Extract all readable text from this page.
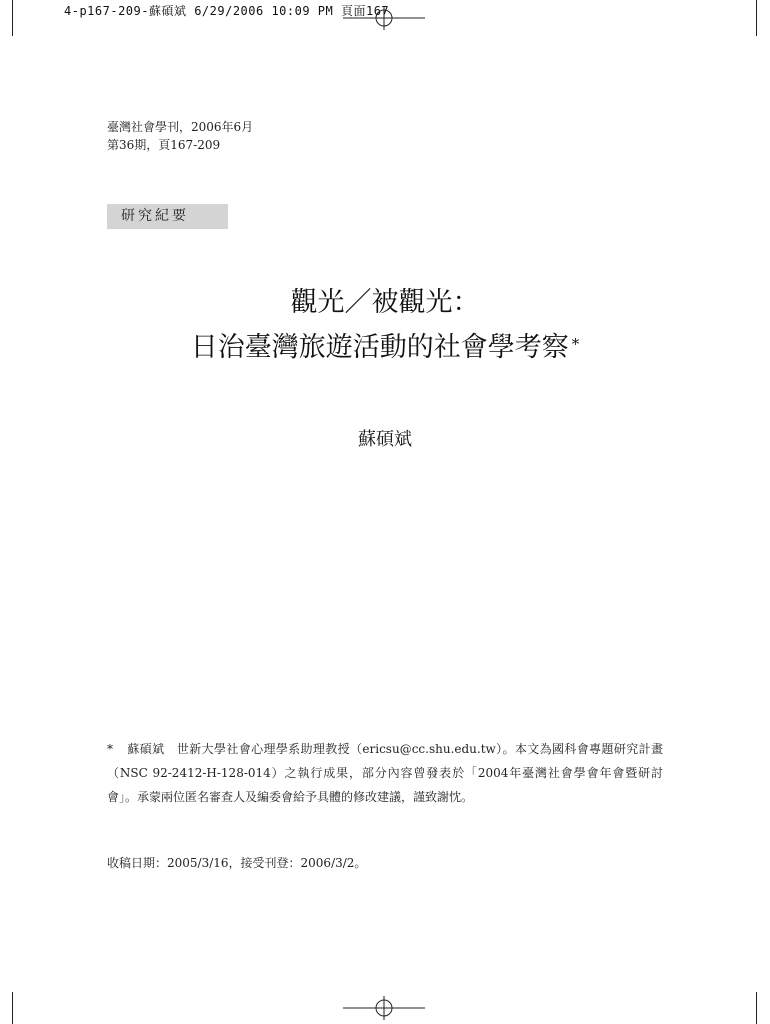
4-p167-209-蘇碩斌 6/29/2006 10:09 PM 頁面167
臺灣社會學刊，2006年6月
第36期，頁167-209
研究紀要
觀光／被觀光：
日治臺灣旅遊活動的社會學考察 *
蘇碩斌
* 蘇碩斌　世新大學社會心理學系助理教授（ericsu@cc.shu.edu.tw）。本文為國科會專題研究計畫（NSC 92-2412-H-128-014）之執行成果，部分內容曾發表於「2004年臺灣社會學會年會暨研討會」。承蒙兩位匿名審查人及編委會給予具體的修改建議，謹致謝忱。
收稿日期：2005/3/16，接受刊登：2006/3/2。
